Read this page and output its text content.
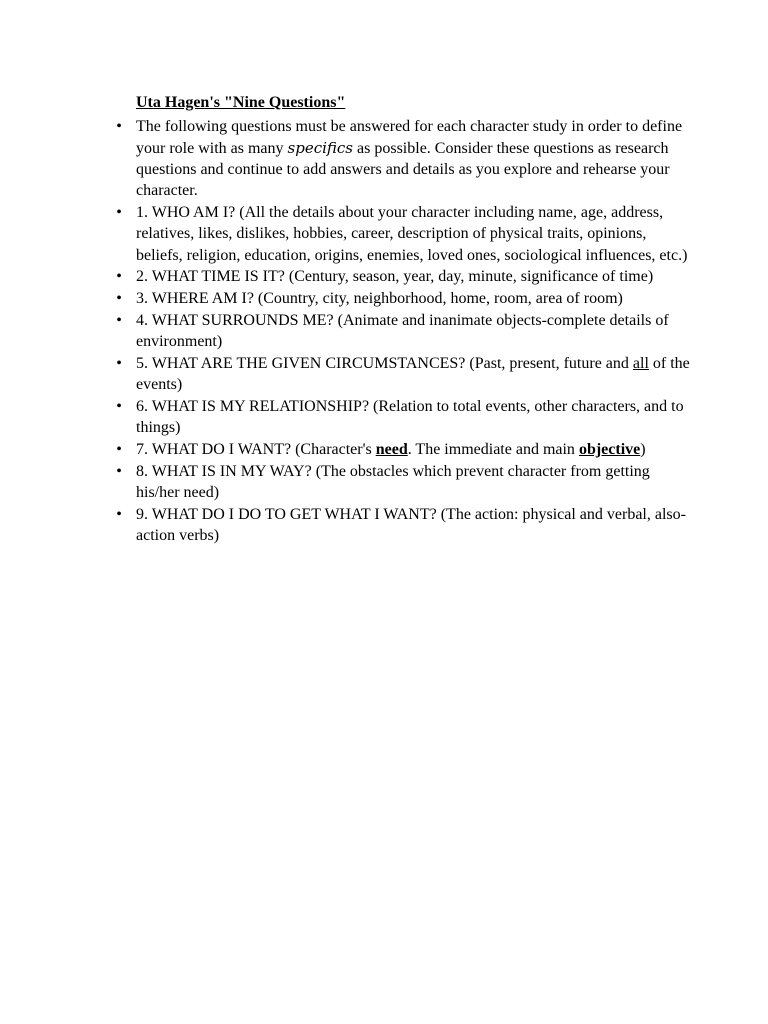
Uta Hagen's "Nine Questions"
• The following questions must be answered for each character study in order to define your role with as many specifics as possible. Consider these questions as research questions and continue to add answers and details as you explore and rehearse your character.
• 1. WHO AM I? (All the details about your character including name, age, address, relatives, likes, dislikes, hobbies, career, description of physical traits, opinions, beliefs, religion, education, origins, enemies, loved ones, sociological influences, etc.)
• 2. WHAT TIME IS IT? (Century, season, year, day, minute, significance of time)
• 3. WHERE AM I? (Country, city, neighborhood, home, room, area of room)
• 4. WHAT SURROUNDS ME? (Animate and inanimate objects-complete details of environment)
• 5. WHAT ARE THE GIVEN CIRCUMSTANCES? (Past, present, future and all of the events)
• 6. WHAT IS MY RELATIONSHIP? (Relation to total events, other characters, and to things)
• 7. WHAT DO I WANT? (Character's need. The immediate and main objective)
• 8. WHAT IS IN MY WAY? (The obstacles which prevent character from getting his/her need)
• 9. WHAT DO I DO TO GET WHAT I WANT? (The action: physical and verbal, also-action verbs)
